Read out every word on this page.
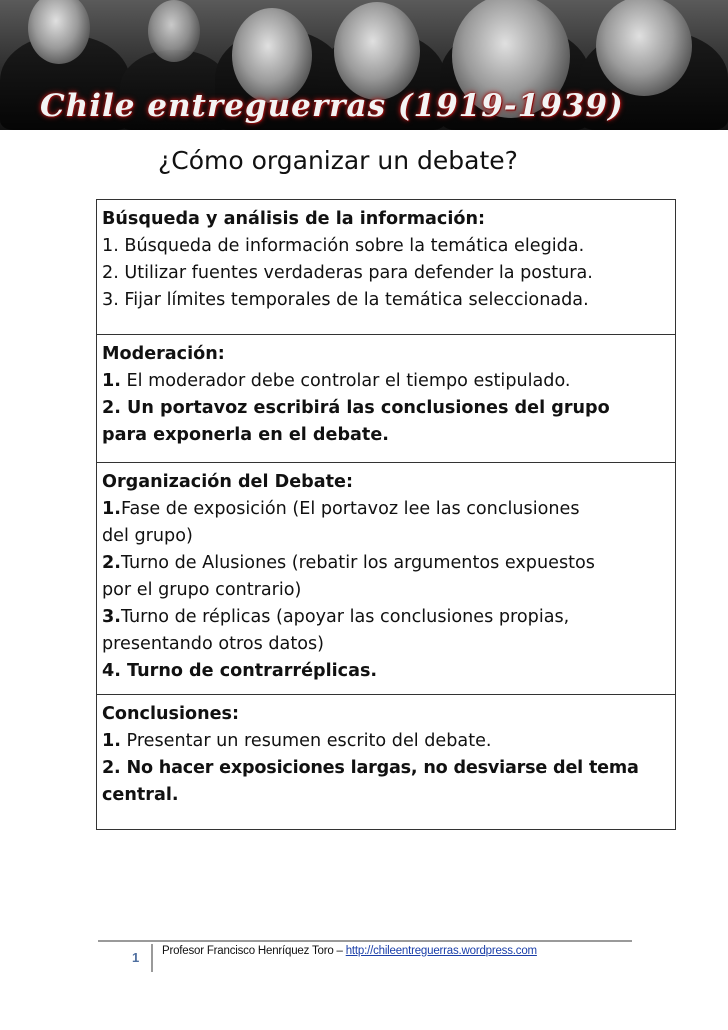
Chile entreguerras (1919-1939)
¿Cómo organizar un debate?

Búsqueda y análisis de la información:

1. Búsqueda de información sobre la temática elegida.

2. Utilizar fuentes verdaderas para defender la postura.

3. Fijar límites temporales de la temática seleccionada.

Moderación:

1. El moderador debe controlar el tiempo estipulado.

2. Un portavoz escribirá las conclusiones del grupo

para exponerla en el debate.

Organización del Debate:

1.Fase de exposición (El portavoz lee las conclusiones

del grupo)

2.Turno de Alusiones (rebatir los argumentos expuestos

por el grupo contrario)

3.Turno de réplicas (apoyar las conclusiones propias,

presentando otros datos)

4. Turno de contrarréplicas.

Conclusiones:

1. Presentar un resumen escrito del debate.

2. No hacer exposiciones largas, no desviarse del tema

central.

1	Profesor Francisco Henríquez Toro – http://chileentreguerras.wordpress.com
